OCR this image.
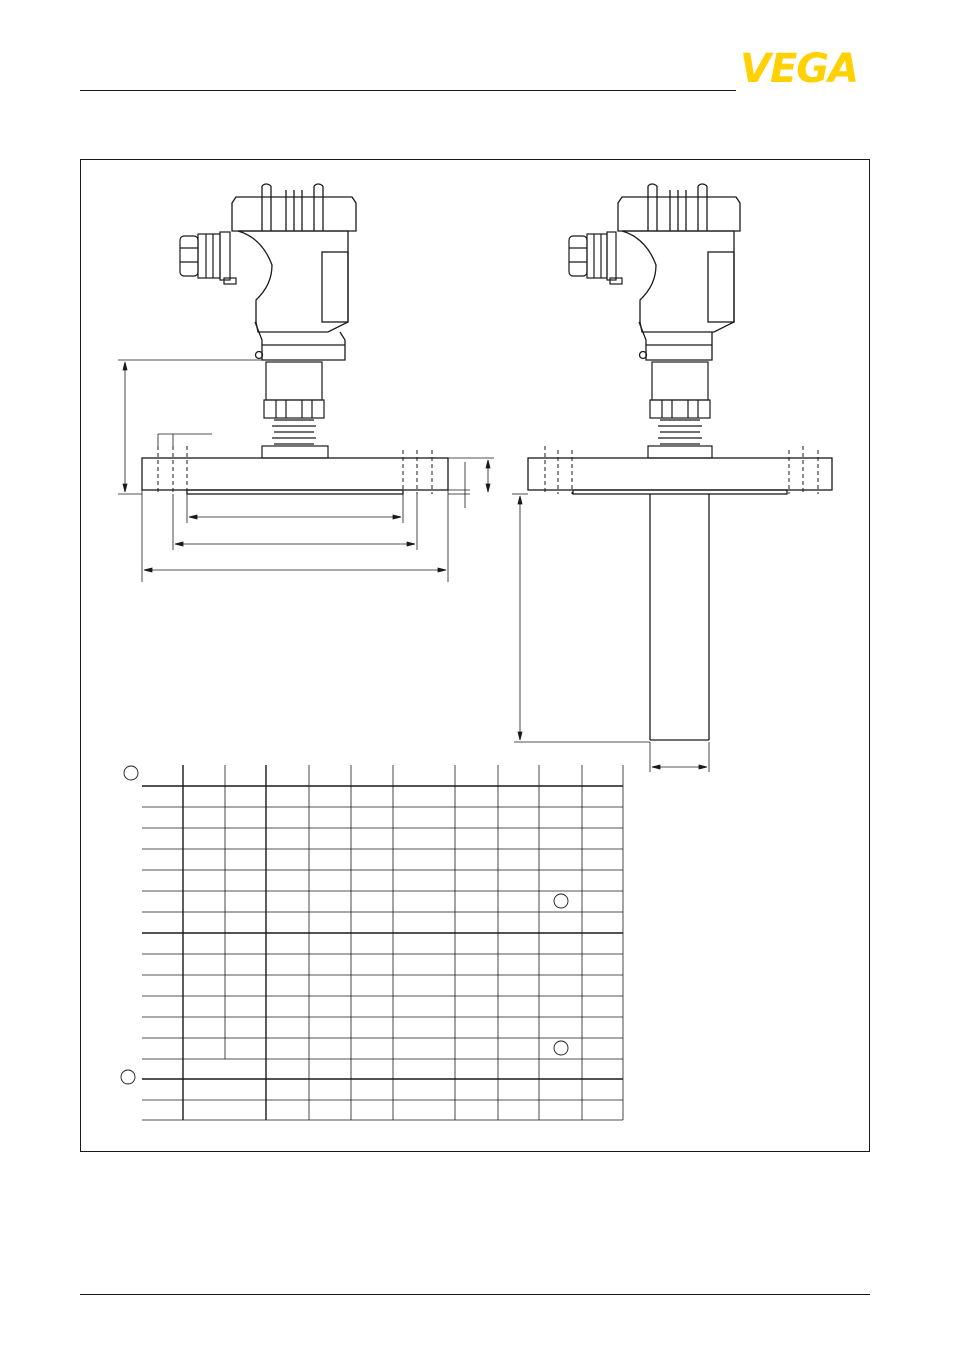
VEGA
